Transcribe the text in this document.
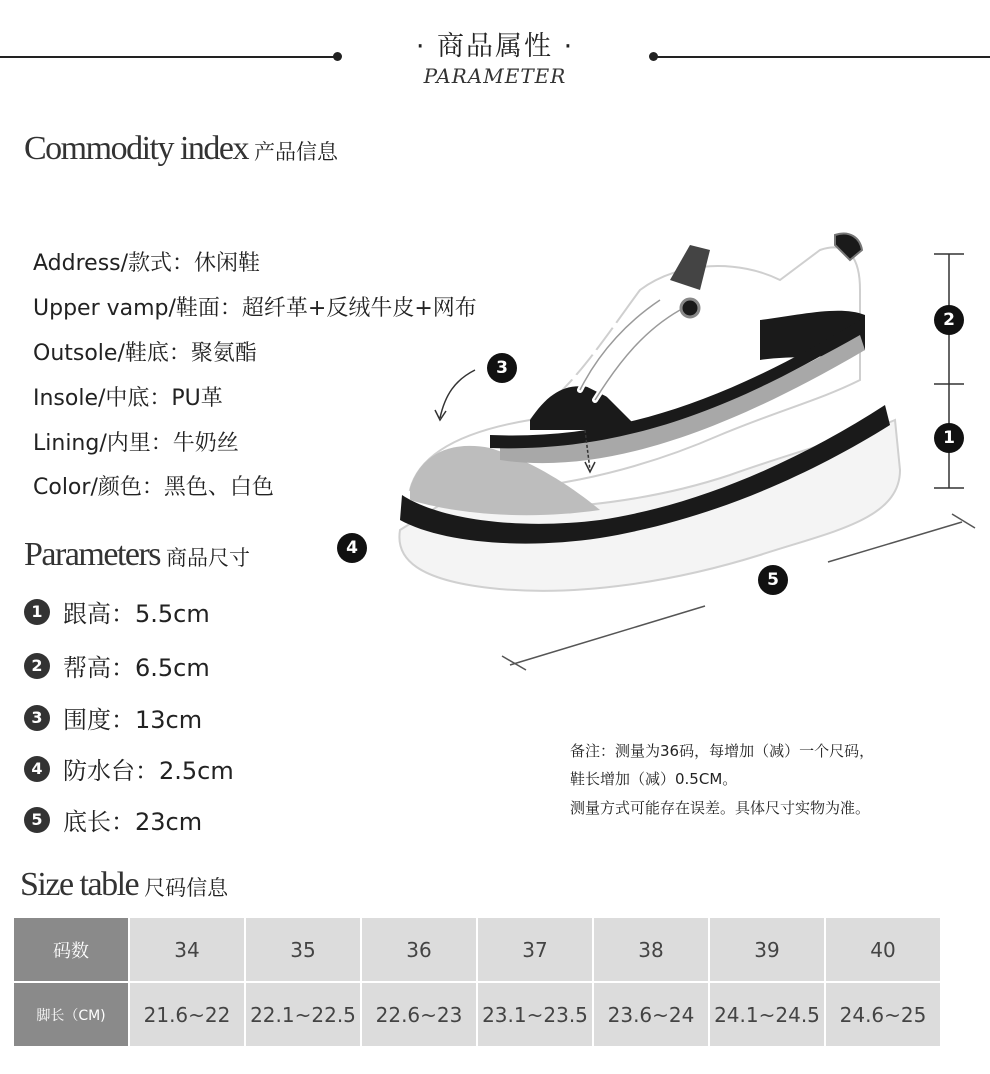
· 商品属性 ·
PARAMETER
Commodity index 产品信息
Address/款式：休闲鞋
Upper vamp/鞋面：超纤革+反绒牛皮+网布
Outsole/鞋底：聚氨酯
Insole/中底：PU革
Lining/内里：牛奶丝
Color/颜色：黑色、白色
Parameters 商品尺寸
1 跟高：5.5cm
2 帮高：6.5cm
3 围度：13cm
4 防水台：2.5cm
5 底长：23cm
2
1
3
4
5
备注：测量为36码，每增加（减）一个尺码，
鞋长增加（减）0.5CM。
测量方式可能存在误差。具体尺寸实物为准。
Size table 尺码信息
码数	34	35	36	37	38	39	40
脚长（CM)	21.6~22	22.1~22.5	22.6~23	23.1~23.5	23.6~24	24.1~24.5	24.6~25
